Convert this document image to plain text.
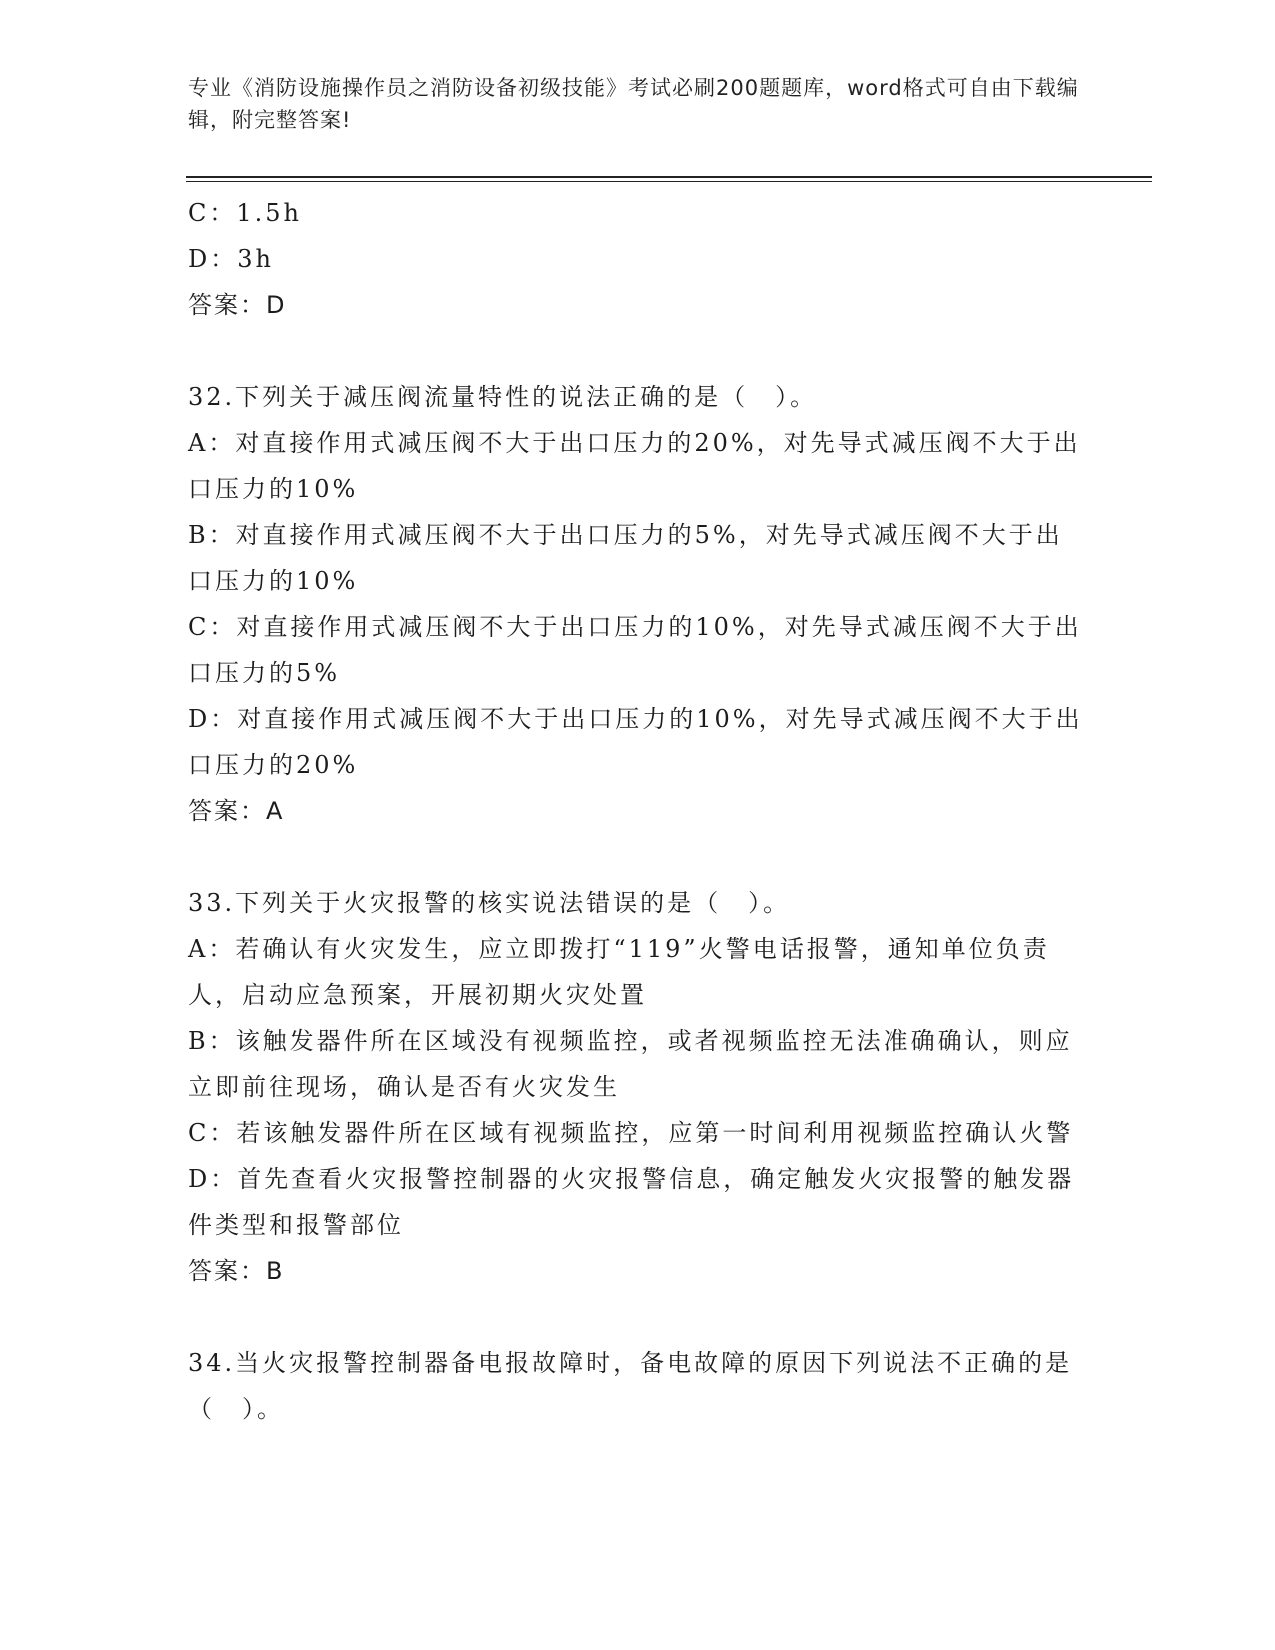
专业《消防设施操作员之消防设备初级技能》考试必刷200题题库，word格式可自由下载编辑，附完整答案!

C：1.5h

D：3h

答案：D

32.下列关于减压阀流量特性的说法正确的是（　）。

A：对直接作用式减压阀不大于出口压力的20%，对先导式减压阀不大于出口压力的10%

B：对直接作用式减压阀不大于出口压力的5%，对先导式减压阀不大于出口压力的10%

C：对直接作用式减压阀不大于出口压力的10%，对先导式减压阀不大于出口压力的5%

D：对直接作用式减压阀不大于出口压力的10%，对先导式减压阀不大于出口压力的20%

答案：A

33.下列关于火灾报警的核实说法错误的是（　）。

A：若确认有火灾发生，应立即拨打“119”火警电话报警，通知单位负责人，启动应急预案，开展初期火灾处置

B：该触发器件所在区域没有视频监控，或者视频监控无法准确确认，则应立即前往现场，确认是否有火灾发生

C：若该触发器件所在区域有视频监控，应第一时间利用视频监控确认火警

D：首先查看火灾报警控制器的火灾报警信息，确定触发火灾报警的触发器件类型和报警部位

答案：B

34.当火灾报警控制器备电报故障时，备电故障的原因下列说法不正确的是（　）。
